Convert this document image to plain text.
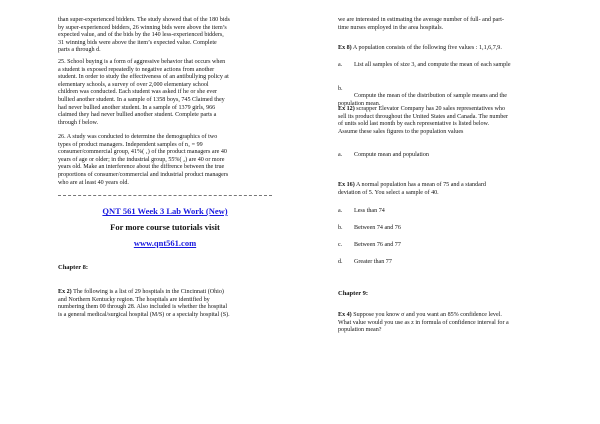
than super-experienced bidders. The study showed that of the 180 bids
by super-experienced bidders, 26 winning bids were above the item’s
expected value, and of the bids by the 140 less-experienced bidders,
31 winning bids were above the item’s expected value. Complete
parts a through d.

25. School buying is a form of aggressive behavior that occurs when
a student is exposed repeatedly to negative actions from another
student. In order to study the effectiveness of an antibullying policy at
elementary schools, a survey of over 2,000 elementary school
children was conducted. Each student was asked if he or she ever
bullied another student. In a sample of 1358 boys, 745 Claimed they
had never bullied another student. In a sample of 1379 girls, 966
claimed they had never bullied another student. Complete parts a
through f below.

26. A study was conducted to determine the demographics of two
types of product managers. Independent samples of n₁ = 99
consumer/commercial group, 41%( ₁) of the product managers are 40
years of age or older; in the industrial group, 55%( ₂) are 40 or more
years old. Make an interference about the diffrence between the true
proportions of consumer/commercial and industrial product managers
who are at least 40 years old.

QNT 561 Week 3 Lab Work (New)
For more course tutorials visit
www.qnt561.com
Chapter 8:

Ex 2) The following is a list of 29 hospitals in the Cincinnati (Ohio)
and Northern Kentucky region. The hospitals are identified by
numbering them 00 through 28. Also included is whether the hospital
is a general medical/surgical hospital (M/S) or a specialty hospital (S).

we are interested in estimating the average number of full- and part-
time nurses employed in the area hospitals.

Ex 8) A population consists of the following five values : 1,1,6,7,9.

a. List all samples of size 3, and compute the mean of each sample

b.

Compute the mean of the distribution of sample means and the
population mean.

Ex 12) scrapper Elevator Company has 20 sales representatives who
sell its product throughout the United States and Canada. The number
of units sold last month by each representative is listed below.
Assume these sales figures to the population values

a. Compute mean and population

Ex 16) A normal population has a mean of 75 and a standard
deviation of 5. You select a sample of 40.

a. Less than 74
b. Between 74 and 76
c. Between 76 and 77
d. Greater than 77
Chapter 9:

Ex 4) Suppose you know σ and you want an 85% confidence level.
What value would you use as z in formula of confidence interval for a
population mean?
